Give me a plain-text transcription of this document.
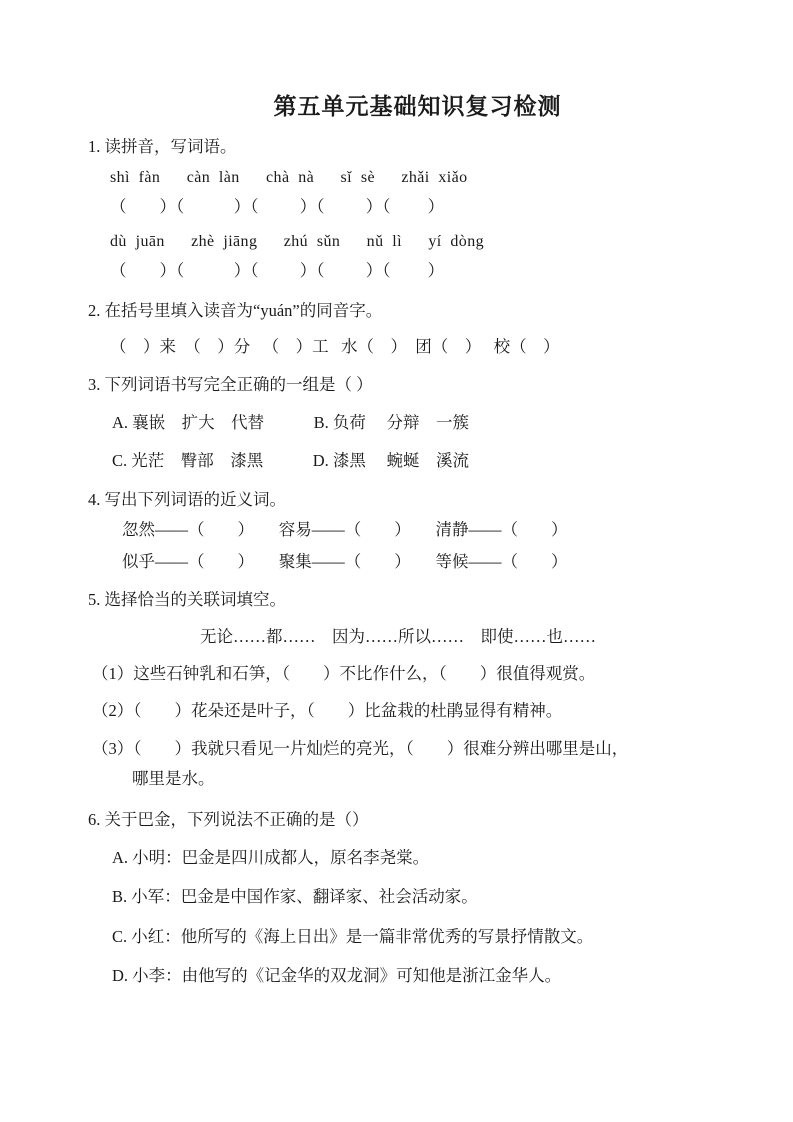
第五单元基础知识复习检测
1. 读拼音，写词语。
shì  fàn      càn  làn      chà  nà      sǐ  sè      zhǎi  xiǎo
（        ）（            ）（          ）（          ）（         ）
dù  juān      zhè  jiāng      zhú  sǔn      nǔ  lì      yí  dòng
（        ）（            ）（          ）（          ）（         ）
2. 在括号里填入读音为“yuán”的同音字。
（    ）来  （    ）分   （    ）工   水（    ）  团（    ）   校（    ）
3. 下列词语书写完全正确的一组是（ ）
A. 襄嵌    扩大    代替            B. 负荷     分辩    一簇
C. 光茫    臀部    漆黑            D. 漆黑     蜿蜒    溪流
4. 写出下列词语的近义词。
忽然——（        ）      容易——（        ）      清静——（        ）
似乎——（        ）      聚集——（        ）      等候——（        ）
5. 选择恰当的关联词填空。
无论……都……    因为……所以……    即使……也……
（1）这些石钟乳和石笋，（        ）不比作什么，（        ）很值得观赏。
（2）（        ）花朵还是叶子，（        ）比盆栽的杜鹃显得有精神。
（3）（        ）我就只看见一片灿烂的亮光，（        ）很难分辨出哪里是山，
哪里是水。
6. 关于巴金，下列说法不正确的是（）
A. 小明：巴金是四川成都人，原名李尧棠。
B. 小军：巴金是中国作家、翻译家、社会活动家。
C. 小红：他所写的《海上日出》是一篇非常优秀的写景抒情散文。
D. 小李：由他写的《记金华的双龙洞》可知他是浙江金华人。
